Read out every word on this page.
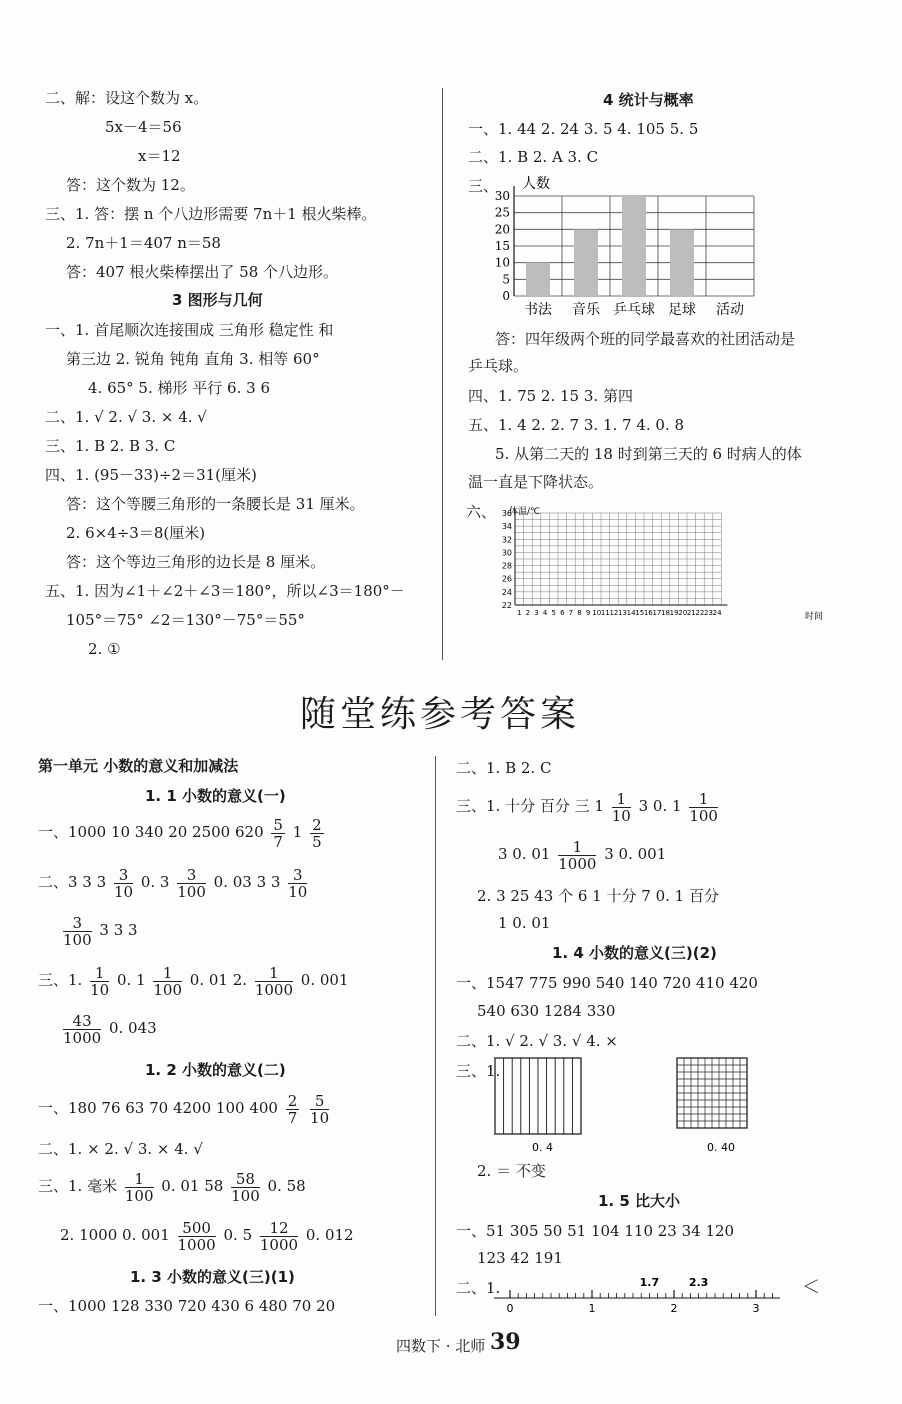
二、解：设这个数为 x。
5x－4＝56
x＝12
答：这个数为 12。
三、1. 答：摆 n 个八边形需要 7n＋1 根火柴棒。
2. 7n＋1＝407 n＝58
答：407 根火柴棒摆出了 58 个八边形。
3 图形与几何
一、1. 首尾顺次连接围成 三角形 稳定性 和
第三边 2. 锐角 钝角 直角 3. 相等 60°
4. 65° 5. 梯形 平行 6. 3 6
二、1. √ 2. √ 3. × 4. √
三、1. B 2. B 3. C
四、1. (95－33)÷2＝31(厘米)
答：这个等腰三角形的一条腰长是 31 厘米。
2. 6×4÷3＝8(厘米)
答：这个等边三角形的边长是 8 厘米。
五、1. 因为∠1＋∠2＋∠3＝180°，所以∠3＝180°－
105°＝75° ∠2＝130°－75°＝55°
2. ①
4 统计与概率
一、1. 44 2. 24 3. 5 4. 105 5. 5
二、1. B 2. A 3. C
三、 人数
0
5
10
15
20
25
30
书法 音乐 乒乓球 足球 活动
答：四年级两个班的同学最喜欢的社团活动是
乒乓球。
四、1. 75 2. 15 3. 第四
五、1. 4 2. 2. 7 3. 1. 7 4. 0. 8
5. 从第二天的 18 时到第三天的 6 时病人的体
温一直是下降状态。
六、 体温/℃
时间
22
24
26
28
30
32
34
36
1 2 3 4 5 6 7 8 9 10 11 12 13 14 15 16 17 18 19 20 21 22 23 24
随堂练参考答案
第一单元 小数的意义和加减法
1. 1 小数的意义(一)
一、1000 10 340 20 2500 $620 \frac{5}{7} 1 \frac{2}{5}$
二、3 3 $3 \frac{3}{10} 0$. $3 \frac{3}{100} 0$. 03 3 $3 \frac{3}{10}$
$\frac{3}{100} 3$ 3 3
三、1. $\frac{1}{10} 0$. $1 \frac{1}{100} 0$. 01 2. $\frac{1}{1000} 0$. 001
$\frac{43}{1000} 0$. 043
1. 2 小数的意义(二)
一、180 76 63 70 4200 100 $400 \frac{2}{7}$
$\frac{5}{10}$
二、1. × 2. √ 3. × 4. √
三、1. 毫米 $\frac{1}{100} 0$. 01 $58 \frac{58}{100} 0$. 58
2. 1000 0. $001 \frac{500}{1000} 0$. $5 \frac{12}{1000} 0$. 012
1. 3 小数的意义(三)(1)
一、1000 128 330 720 430 6 480 70 20
二、1. B 2. C
三、1. 十分 百分 三 $1 \frac{1}{10} 3$ 0. $1 \frac{1}{100}$
3 0. $01 \frac{1}{1000} 3$ 0. 001
2. 3 25 43 个 6 1 十分 7 0. 1 百分
1 0. 01
1. 4 小数的意义(三)(2)
一、1547 775 990 540 140 720 410 420
540 630 1284 330
二、1. √ 2. √ 3. √ 4. ×
三、1.
0. 4	0. 40
2. ＝ 不变
1. 5 比大小
一、51 305 50 51 104 110 23 34 120
123 42 191
二、1.
0	1	2	3
1.7	2.3	＜
四数下 · 北师 39
